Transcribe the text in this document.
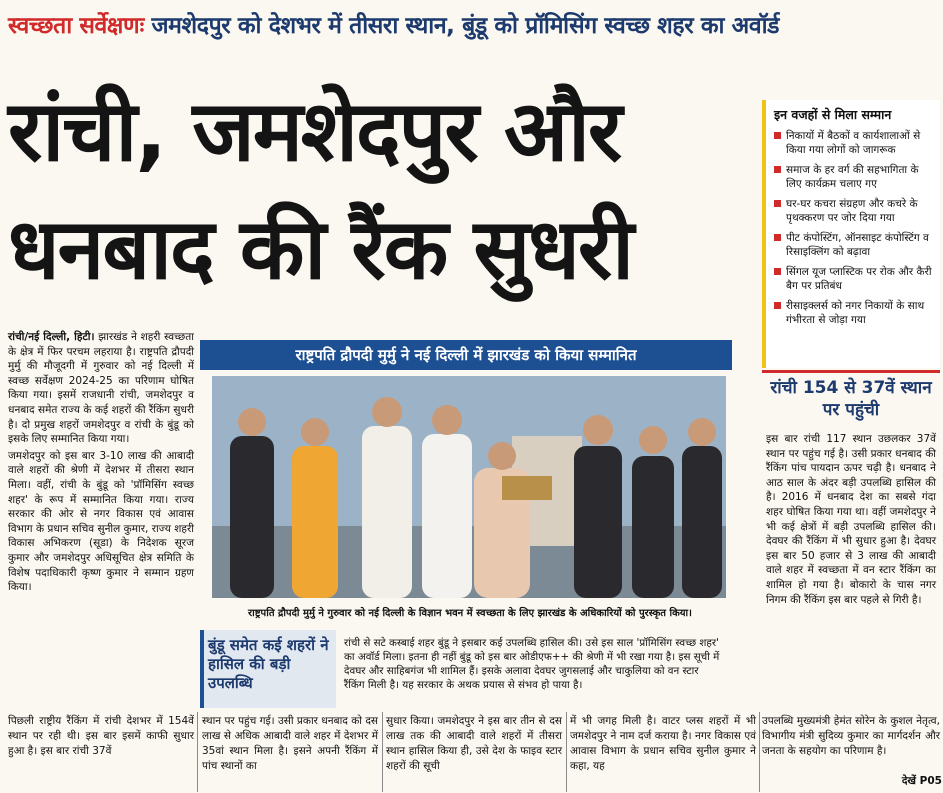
स्वच्छता सर्वेक्षणः जमशेदपुर को देशभर में तीसरा स्थान, बुंडू को प्रॉमिसिंग स्वच्छ शहर का अवॉर्ड
रांची, जमशेदपुर और
धनबाद की रैंक सुधरी
इन वजहों से मिला सम्मान
निकायों में बैठकों व कार्यशालाओं से किया गया लोगों को जागरूक
समाज के हर वर्ग की सहभागिता के लिए कार्यक्रम चलाए गए
घर-घर कचरा संग्रहण और कचरे के पृथक्करण पर जोर दिया गया
पीट कंपोस्टिंग, ऑनसाइट कंपोस्टिंग व रिसाइक्लिंग को बढ़ावा
सिंगल यूज प्लास्टिक पर रोक और कैरी बैग पर प्रतिबंध
रीसाइक्लर्स को नगर निकायों के साथ गंभीरता से जोड़ा गया
रांची 154 से 37वें स्थान पर पहुंची
इस बार रांची 117 स्थान उछलकर 37वें स्थान पर पहुंच गई है। उसी प्रकार धनबाद की रैंकिंग पांच पायदान ऊपर चढ़ी है। धनबाद ने आठ साल के अंदर बड़ी उपलब्धि हासिल की है। 2016 में धनबाद देश का सबसे गंदा शहर घोषित किया गया था। वहीं जमशेदपुर ने भी कई क्षेत्रों में बड़ी उपलब्धि हासिल की। देवघर की रैंकिंग में भी सुधार हुआ है। देवघर इस बार 50 हजार से 3 लाख की आबादी वाले शहर में स्वच्छता में वन स्टार रैंकिंग का शामिल हो गया है। बोकारो के चास नगर निगम की रैंकिंग इस बार पहले से गिरी है।

रांची/नई दिल्ली, हिटी। झारखंड ने शहरी स्वच्छता के क्षेत्र में फिर परचम लहराया है। राष्ट्रपति द्रौपदी मुर्मु की मौजूदगी में गुरुवार को नई दिल्ली में स्वच्छ सर्वेक्षण 2024-25 का परिणाम घोषित किया गया। इसमें राजधानी रांची, जमशेदपुर व धनबाद समेत राज्य के कई शहरों की रैंकिंग सुधरी है। दो प्रमुख शहरों जमशेदपुर व रांची के बुंडू को इसके लिए सम्मानित किया गया।

जमशेदपुर को इस बार 3-10 लाख की आबादी वाले शहरों की श्रेणी में देशभर में तीसरा स्थान मिला। वहीं, रांची के बुंडू को 'प्रॉमिसिंग स्वच्छ शहर' के रूप में सम्मानित किया गया। राज्य सरकार की ओर से नगर विकास एवं आवास विभाग के प्रधान सचिव सुनील कुमार, राज्य शहरी विकास अभिकरण (सूडा) के निदेशक सूरज कुमार और जमशेदपुर अधिसूचित क्षेत्र समिति के विशेष पदाधिकारी कृष्ण कुमार ने सम्मान ग्रहण किया।

राष्ट्रपति द्रौपदी मुर्मु ने नई दिल्ली में झारखंड को किया सम्मानित
राष्ट्रपति द्रौपदी मुर्मु ने गुरुवार को नई दिल्ली के विज्ञान भवन में स्वच्छता के लिए झारखंड के अधिकारियों को पुरस्कृत किया।
बुंडू समेत कई शहरों ने हासिल की बड़ी उपलब्धि
रांची से सटे कस्बाई शहर बुंडू ने इसबार कई उपलब्धि हासिल की। उसे इस साल 'प्रॉमिसिंग स्वच्छ शहर' का अवॉर्ड मिला। इतना ही नहीं बुंडू को इस बार ओडीएफ++ की श्रेणी में भी रखा गया है। इस सूची में देवघर और साहिबगंज भी शामिल हैं। इसके अलावा देवघर जुगसलाई और चाकुलिया को वन स्टार रैंकिंग मिली है। यह सरकार के अथक प्रयास से संभव हो पाया है।
पिछली राष्ट्रीय रैंकिंग में रांची देशभर में 154वें स्थान पर रही थी। इस बार इसमें काफी सुधार हुआ है। इस बार रांची 37वें
स्थान पर पहुंच गई। उसी प्रकार धनबाद को दस लाख से अधिक आबादी वाले शहर में देशभर में 35वां स्थान मिला है। इसने अपनी रैंकिंग में पांच स्थानों का
सुधार किया। जमशेदपुर ने इस बार तीन से दस लाख तक की आबादी वाले शहरों में तीसरा स्थान हासिल किया ही, उसे देश के फाइव स्टार शहरों की सूची
में भी जगह मिली है। वाटर प्लस शहरों में भी जमशेदपुर ने नाम दर्ज कराया है। नगर विकास एवं आवास विभाग के प्रधान सचिव सुनील कुमार ने कहा, यह
उपलब्धि मुख्यमंत्री हेमंत सोरेन के कुशल नेतृत्व, विभागीय मंत्री सुदिव्य कुमार का मार्गदर्शन और जनता के सहयोग का परिणाम है।
देखें P05
